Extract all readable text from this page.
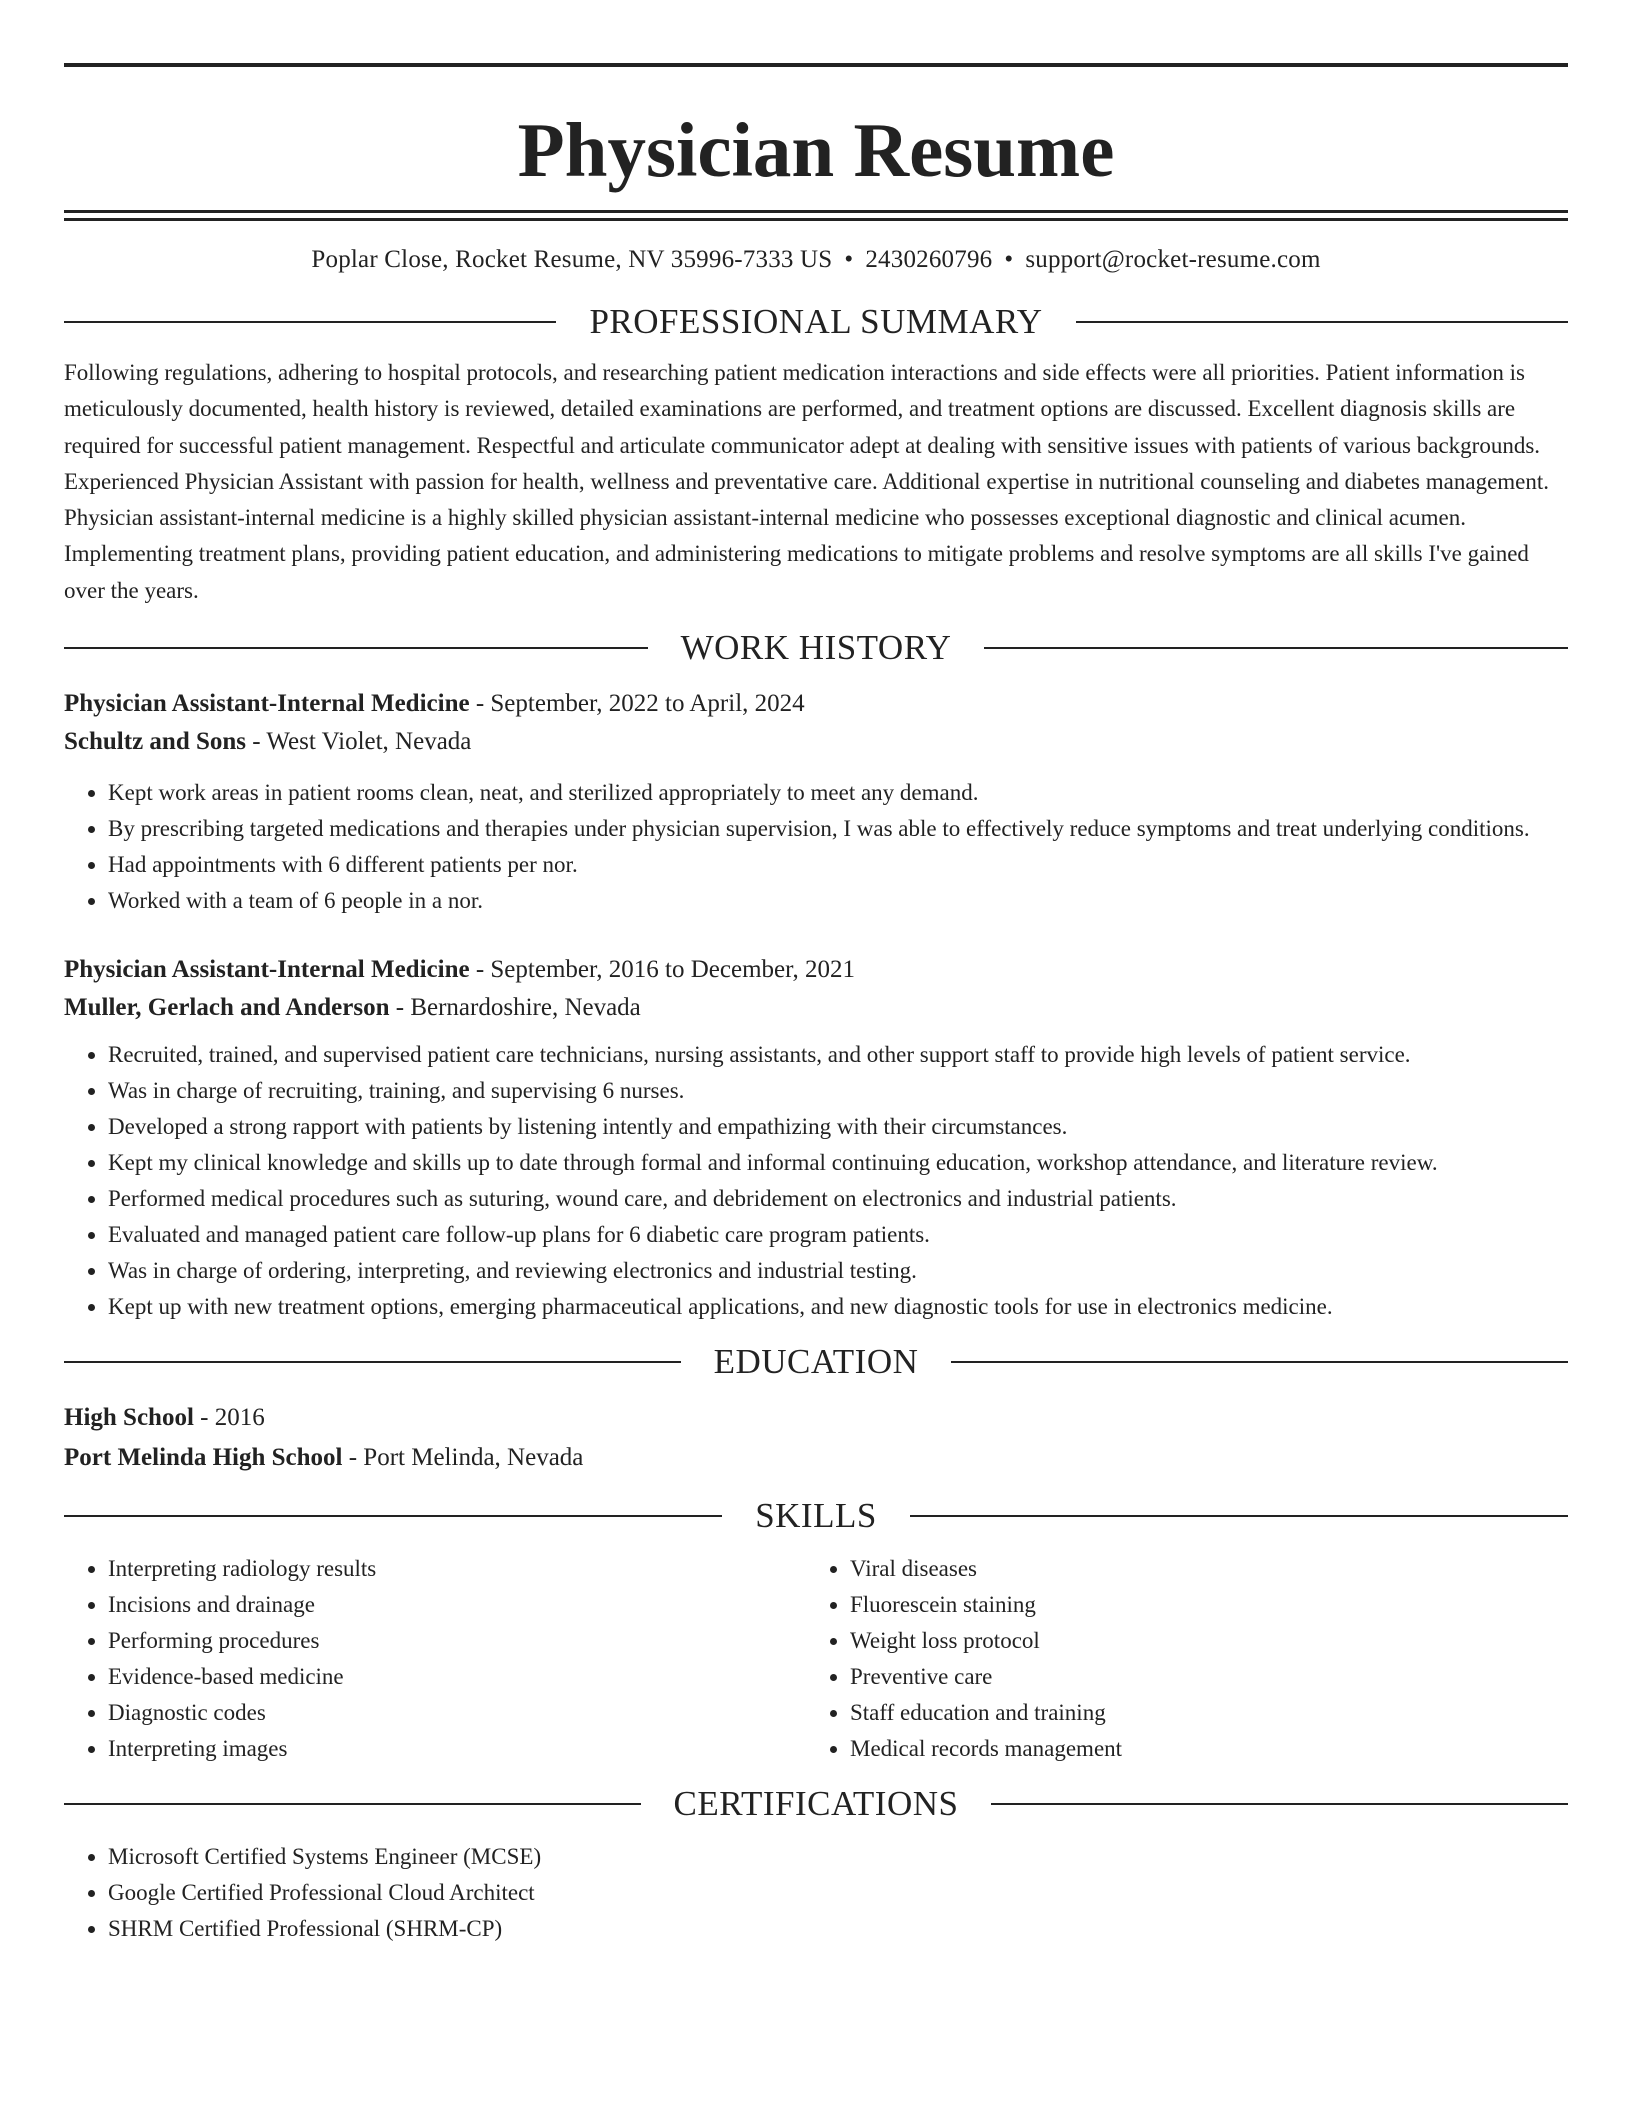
Physician Resume
Poplar Close, Rocket Resume, NV 35996-7333 US • 2430260796 • support@rocket-resume.com
PROFESSIONAL SUMMARY

Following regulations, adhering to hospital protocols, and researching patient medication interactions and side effects were all priorities. Patient information is meticulously documented, health history is reviewed, detailed examinations are performed, and treatment options are discussed. Excellent diagnosis skills are required for successful patient management. Respectful and articulate communicator adept at dealing with sensitive issues with patients of various backgrounds. Experienced Physician Assistant with passion for health, wellness and preventative care. Additional expertise in nutritional counseling and diabetes management. Physician assistant-internal medicine is a highly skilled physician assistant-internal medicine who possesses exceptional diagnostic and clinical acumen. Implementing treatment plans, providing patient education, and administering medications to mitigate problems and resolve symptoms are all skills I've gained over the years.

WORK HISTORY
Physician Assistant-Internal Medicine - September, 2022 to April, 2024
Schultz and Sons - West Violet, Nevada
• Kept work areas in patient rooms clean, neat, and sterilized appropriately to meet any demand.
• By prescribing targeted medications and therapies under physician supervision, I was able to effectively reduce symptoms and treat underlying conditions.
• Had appointments with 6 different patients per nor.
• Worked with a team of 6 people in a nor.
Physician Assistant-Internal Medicine - September, 2016 to December, 2021
Muller, Gerlach and Anderson - Bernardoshire, Nevada
• Recruited, trained, and supervised patient care technicians, nursing assistants, and other support staff to provide high levels of patient service.
• Was in charge of recruiting, training, and supervising 6 nurses.
• Developed a strong rapport with patients by listening intently and empathizing with their circumstances.
• Kept my clinical knowledge and skills up to date through formal and informal continuing education, workshop attendance, and literature review.
• Performed medical procedures such as suturing, wound care, and debridement on electronics and industrial patients.
• Evaluated and managed patient care follow-up plans for 6 diabetic care program patients.
• Was in charge of ordering, interpreting, and reviewing electronics and industrial testing.
• Kept up with new treatment options, emerging pharmaceutical applications, and new diagnostic tools for use in electronics medicine.
EDUCATION
High School - 2016
Port Melinda High School - Port Melinda, Nevada
SKILLS
• Interpreting radiology results
• Incisions and drainage
• Performing procedures
• Evidence-based medicine
• Diagnostic codes
• Interpreting images
• Viral diseases
• Fluorescein staining
• Weight loss protocol
• Preventive care
• Staff education and training
• Medical records management
CERTIFICATIONS
• Microsoft Certified Systems Engineer (MCSE)
• Google Certified Professional Cloud Architect
• SHRM Certified Professional (SHRM-CP)
